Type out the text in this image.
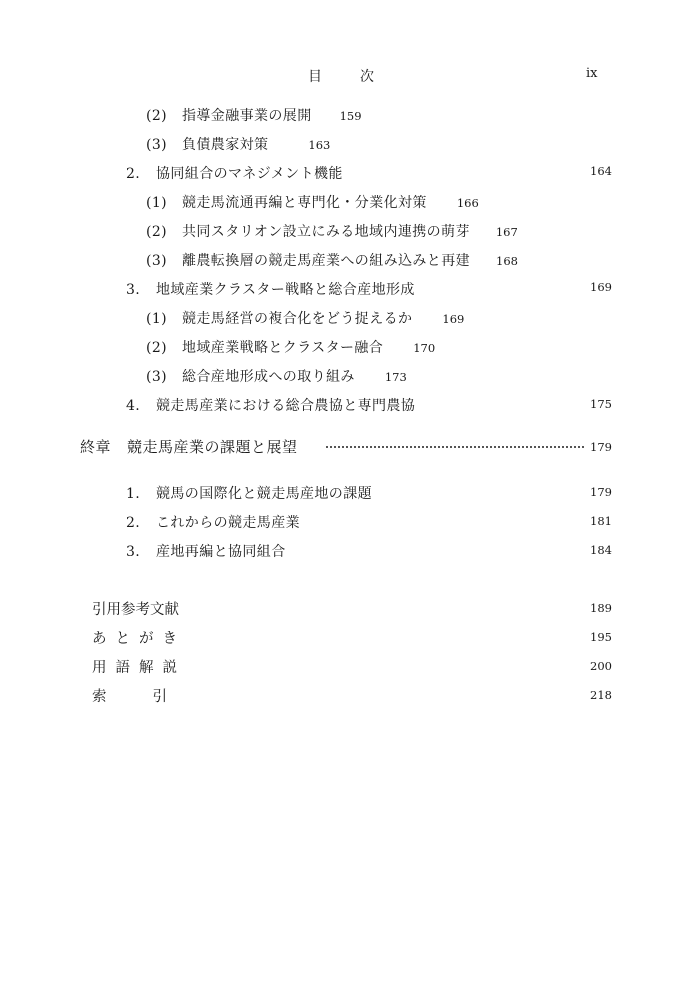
目次	ix
(2) 指導金融事業の展開 159
(3) 負債農家対策	163
2. 協同組合のマネジメント機能	164
(1) 競走馬流通再編と専門化・分業化対策	166
(2) 共同スタリオン設立にみる地域内連携の萌芽 167
(3) 離農転換層の競走馬産業への組み込みと再建 168
3. 地域産業クラスター戦略と総合産地形成	169
(1) 競走馬経営の複合化をどう捉えるか	169
(2) 地域産業戦略とクラスター融合	170
(3) 総合産地形成への取り組み	173
4. 競走馬産業における総合農協と専門農協	175
終章 競走馬産業の課題と展望	179
1. 競馬の国際化と競走馬産地の課題	179
2. これからの競走馬産業	181
3. 産地再編と協同組合	184
引用参考文献	189
あとがき	195
用語解説	200
索引	218
